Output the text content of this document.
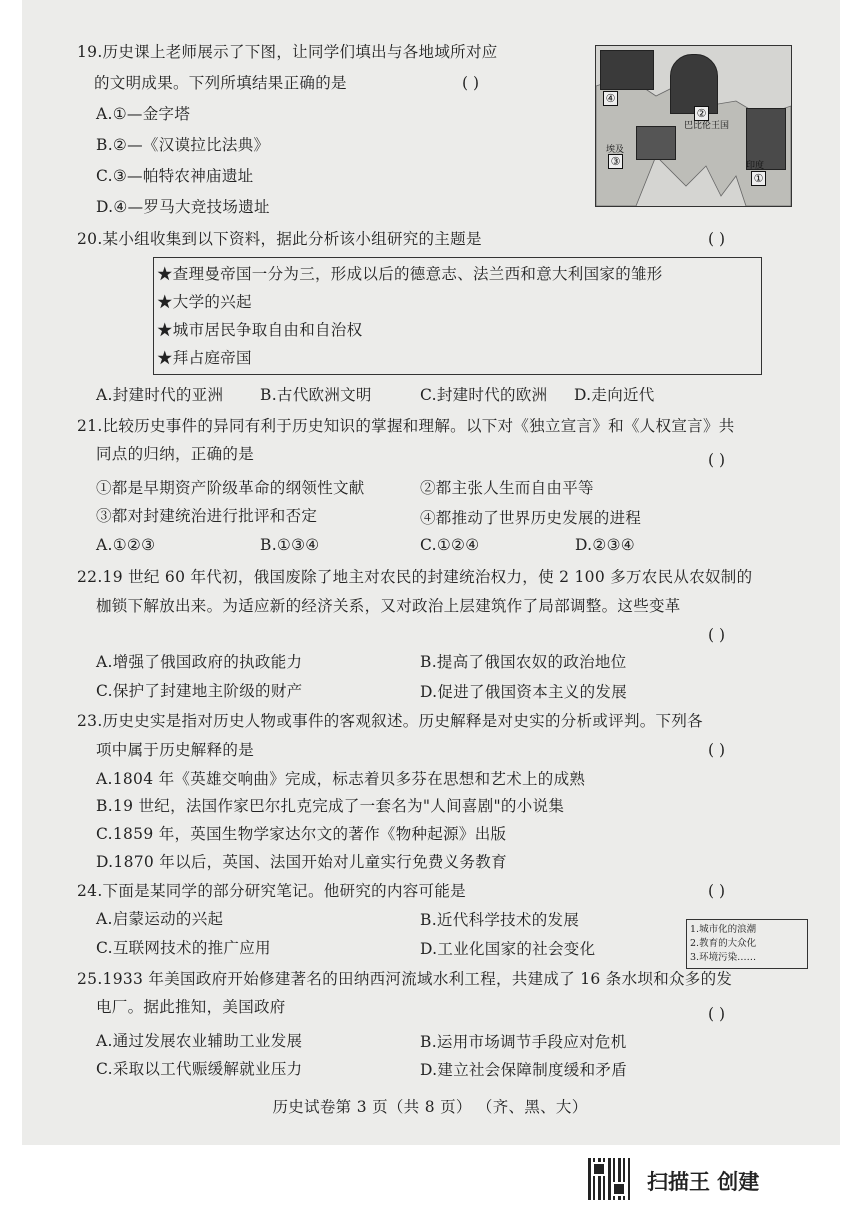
19.历史课上老师展示了下图，让同学们填出与各地域所对应
的文明成果。下列所填结果正确的是	( )
A.①—金字塔
B.②—《汉谟拉比法典》
C.③—帕特农神庙遗址
D.④—罗马大竞技场遗址
④
②
③
①
巴比伦王国
埃及
印度
20.某小组收集到以下资料，据此分析该小组研究的主题是	( )
★查理曼帝国一分为三，形成以后的德意志、法兰西和意大利国家的雏形
★大学的兴起
★城市居民争取自由和自治权
★拜占庭帝国
A.封建时代的亚洲 B.古代欧洲文明	C.封建时代的欧洲 D.走向近代
21.比较历史事件的异同有利于历史知识的掌握和理解。以下对《独立宣言》和《人权宣言》共
同点的归纳，正确的是	( )
①都是早期资产阶级革命的纲领性文献	②都主张人生而自由平等
③都对封建统治进行批评和否定	④都推动了世界历史发展的进程
A.①②③	B.①③④	C.①②④	D.②③④
22.19 世纪 60 年代初，俄国废除了地主对农民的封建统治权力，使 2 100 多万农民从农奴制的
枷锁下解放出来。为适应新的经济关系，又对政治上层建筑作了局部调整。这些变革
( )
A.增强了俄国政府的执政能力	B.提高了俄国农奴的政治地位
C.保护了封建地主阶级的财产	D.促进了俄国资本主义的发展
23.历史史实是指对历史人物或事件的客观叙述。历史解释是对史实的分析或评判。下列各
项中属于历史解释的是	( )
A.1804 年《英雄交响曲》完成，标志着贝多芬在思想和艺术上的成熟
B.19 世纪，法国作家巴尔扎克完成了一套名为"人间喜剧"的小说集
C.1859 年，英国生物学家达尔文的著作《物种起源》出版
D.1870 年以后，英国、法国开始对儿童实行免费义务教育
24.下面是某同学的部分研究笔记。他研究的内容可能是	( )
A.启蒙运动的兴起	B.近代科学技术的发展
C.互联网技术的推广应用	D.工业化国家的社会变化
1.城市化的浪潮
2.教育的大众化
3.环境污染……
25.1933 年美国政府开始修建著名的田纳西河流域水利工程，共建成了 16 条水坝和众多的发
电厂。据此推知，美国政府	( )
A.通过发展农业辅助工业发展	B.运用市场调节手段应对危机
C.采取以工代赈缓解就业压力	D.建立社会保障制度缓和矛盾
历史试卷第 3 页（共 8 页） （齐、黑、大）
扫描王 创建
